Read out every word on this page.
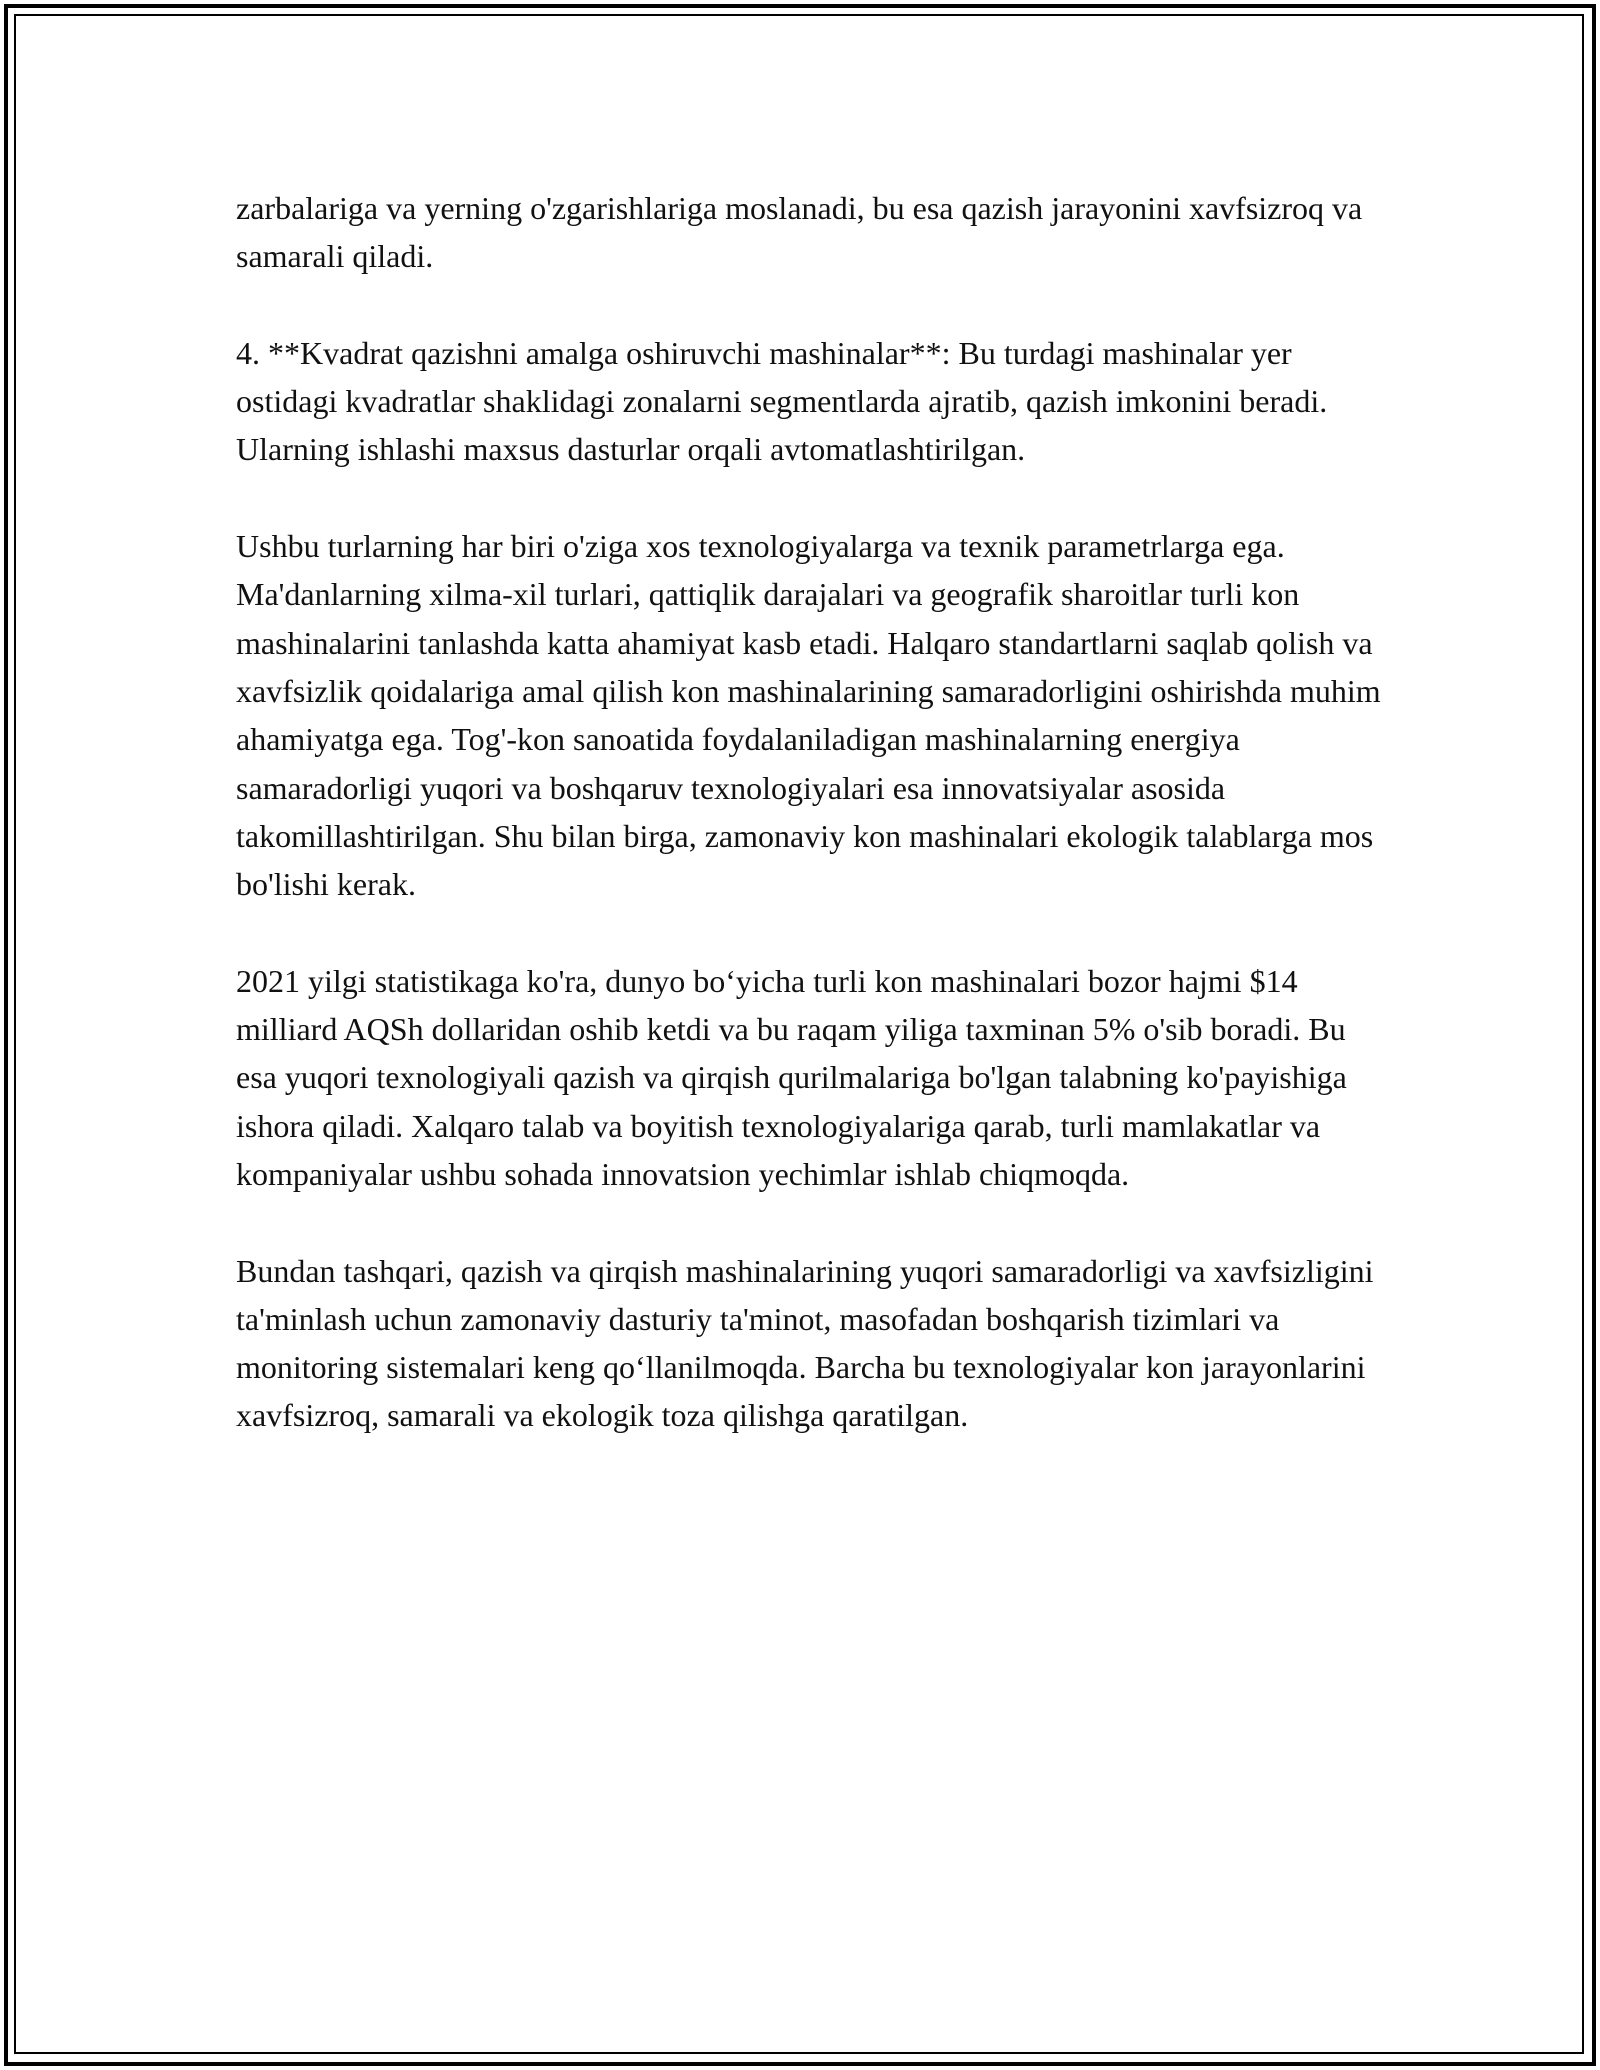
zarbalariga va yerning o'zgarishlariga moslanadi, bu esa qazish jarayonini xavfsizroq va samarali qiladi.

4. **Kvadrat qazishni amalga oshiruvchi mashinalar**: Bu turdagi mashinalar yer ostidagi kvadratlar shaklidagi zonalarni segmentlarda ajratib, qazish imkonini beradi. Ularning ishlashi maxsus dasturlar orqali avtomatlashtirilgan.

Ushbu turlarning har biri o'ziga xos texnologiyalarga va texnik parametrlarga ega. Ma'danlarning xilma-xil turlari, qattiqlik darajalari va geografik sharoitlar turli kon mashinalarini tanlashda katta ahamiyat kasb etadi. Halqaro standartlarni saqlab qolish va xavfsizlik qoidalariga amal qilish kon mashinalarining samaradorligini oshirishda muhim ahamiyatga ega. Tog'-kon sanoatida foydalaniladigan mashinalarning energiya samaradorligi yuqori va boshqaruv texnologiyalari esa innovatsiyalar asosida takomillashtirilgan. Shu bilan birga, zamonaviy kon mashinalari ekologik talablarga mos bo'lishi kerak.

2021 yilgi statistikaga ko'ra, dunyo bo‘yicha turli kon mashinalari bozor hajmi $14 milliard AQSh dollaridan oshib ketdi va bu raqam yiliga taxminan 5% o'sib boradi. Bu esa yuqori texnologiyali qazish va qirqish qurilmalariga bo'lgan talabning ko'payishiga ishora qiladi. Xalqaro talab va boyitish texnologiyalariga qarab, turli mamlakatlar va kompaniyalar ushbu sohada innovatsion yechimlar ishlab chiqmoqda.

Bundan tashqari, qazish va qirqish mashinalarining yuqori samaradorligi va xavfsizligini ta'minlash uchun zamonaviy dasturiy ta'minot, masofadan boshqarish tizimlari va monitoring sistemalari keng qo‘llanilmoqda. Barcha bu texnologiyalar kon jarayonlarini xavfsizroq, samarali va ekologik toza qilishga qaratilgan.
